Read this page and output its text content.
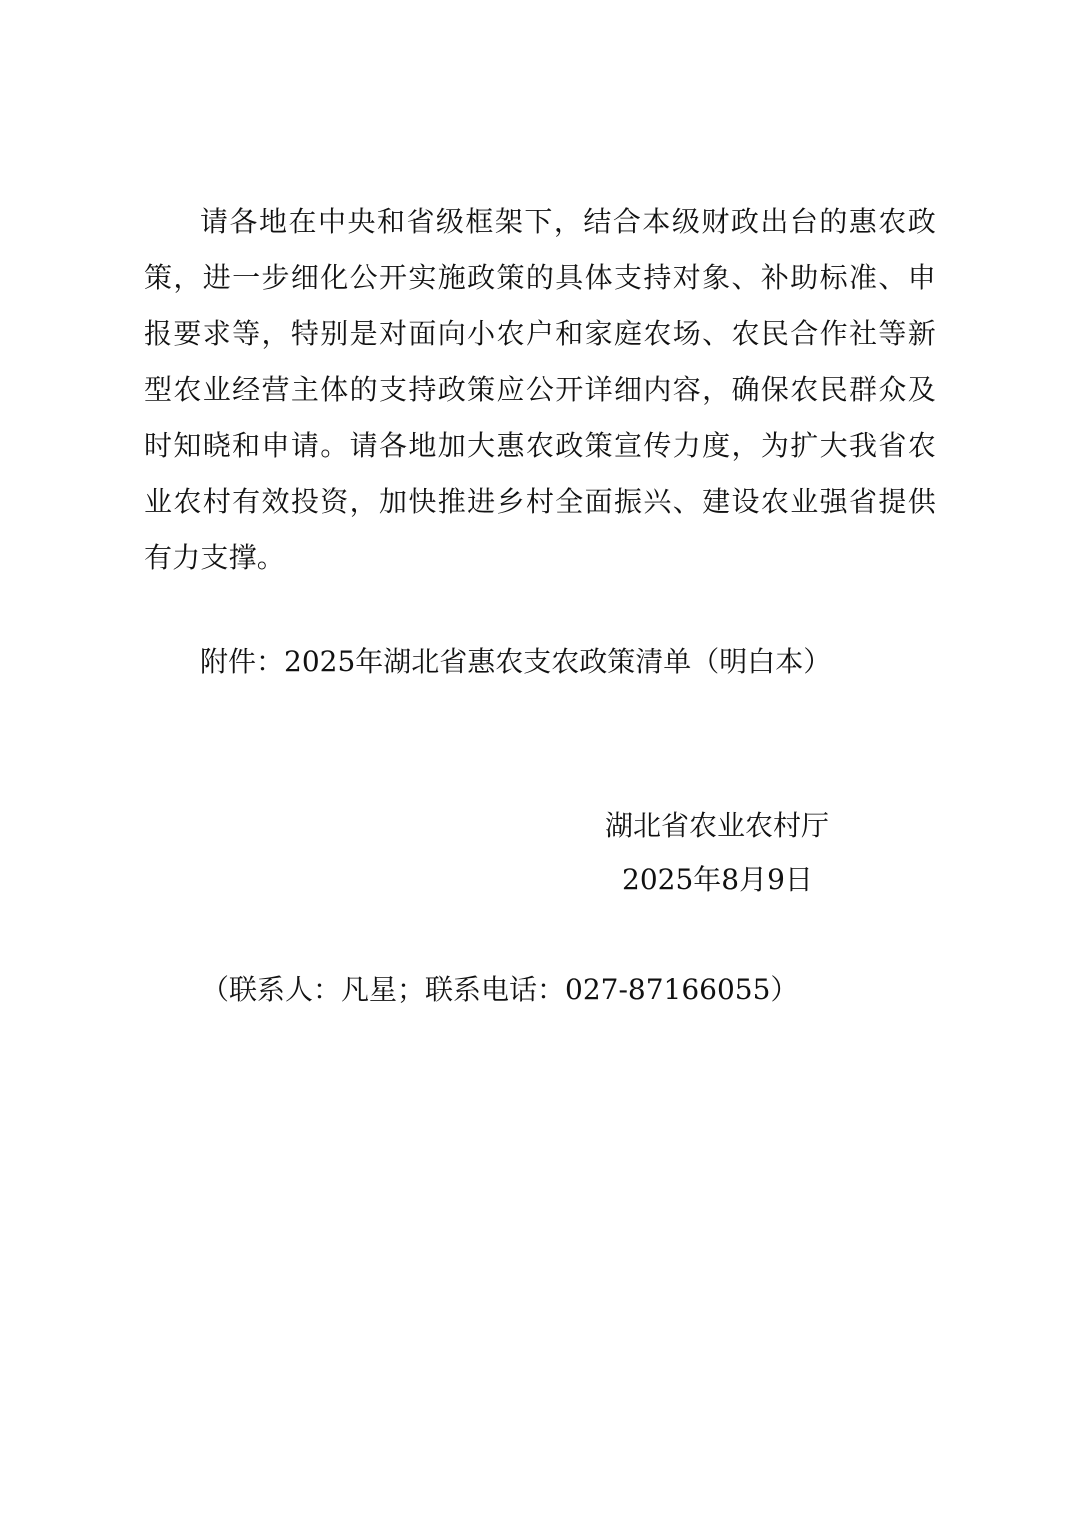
请各地在中央和省级框架下，结合本级财政出台的惠农政
策，进一步细化公开实施政策的具体支持对象、补助标准、申
报要求等，特别是对面向小农户和家庭农场、农民合作社等新
型农业经营主体的支持政策应公开详细内容，确保农民群众及
时知晓和申请。请各地加大惠农政策宣传力度，为扩大我省农
业农村有效投资，加快推进乡村全面振兴、建设农业强省提供
有力支撑。
附件：2025年湖北省惠农支农政策清单（明白本）
湖北省农业农村厅
2025年8月9日
（联系人：凡星；联系电话：027-87166055）
